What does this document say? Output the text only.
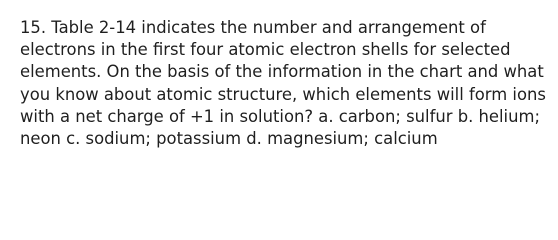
15. Table 2-14 indicates the number and arrangement of
electrons in the first four atomic electron shells for selected
elements. On the basis of the information in the chart and what
you know about atomic structure, which elements will form ions
with a net charge of +1 in solution? a. carbon; sulfur b. helium;
neon c. sodium; potassium d. magnesium; calcium
